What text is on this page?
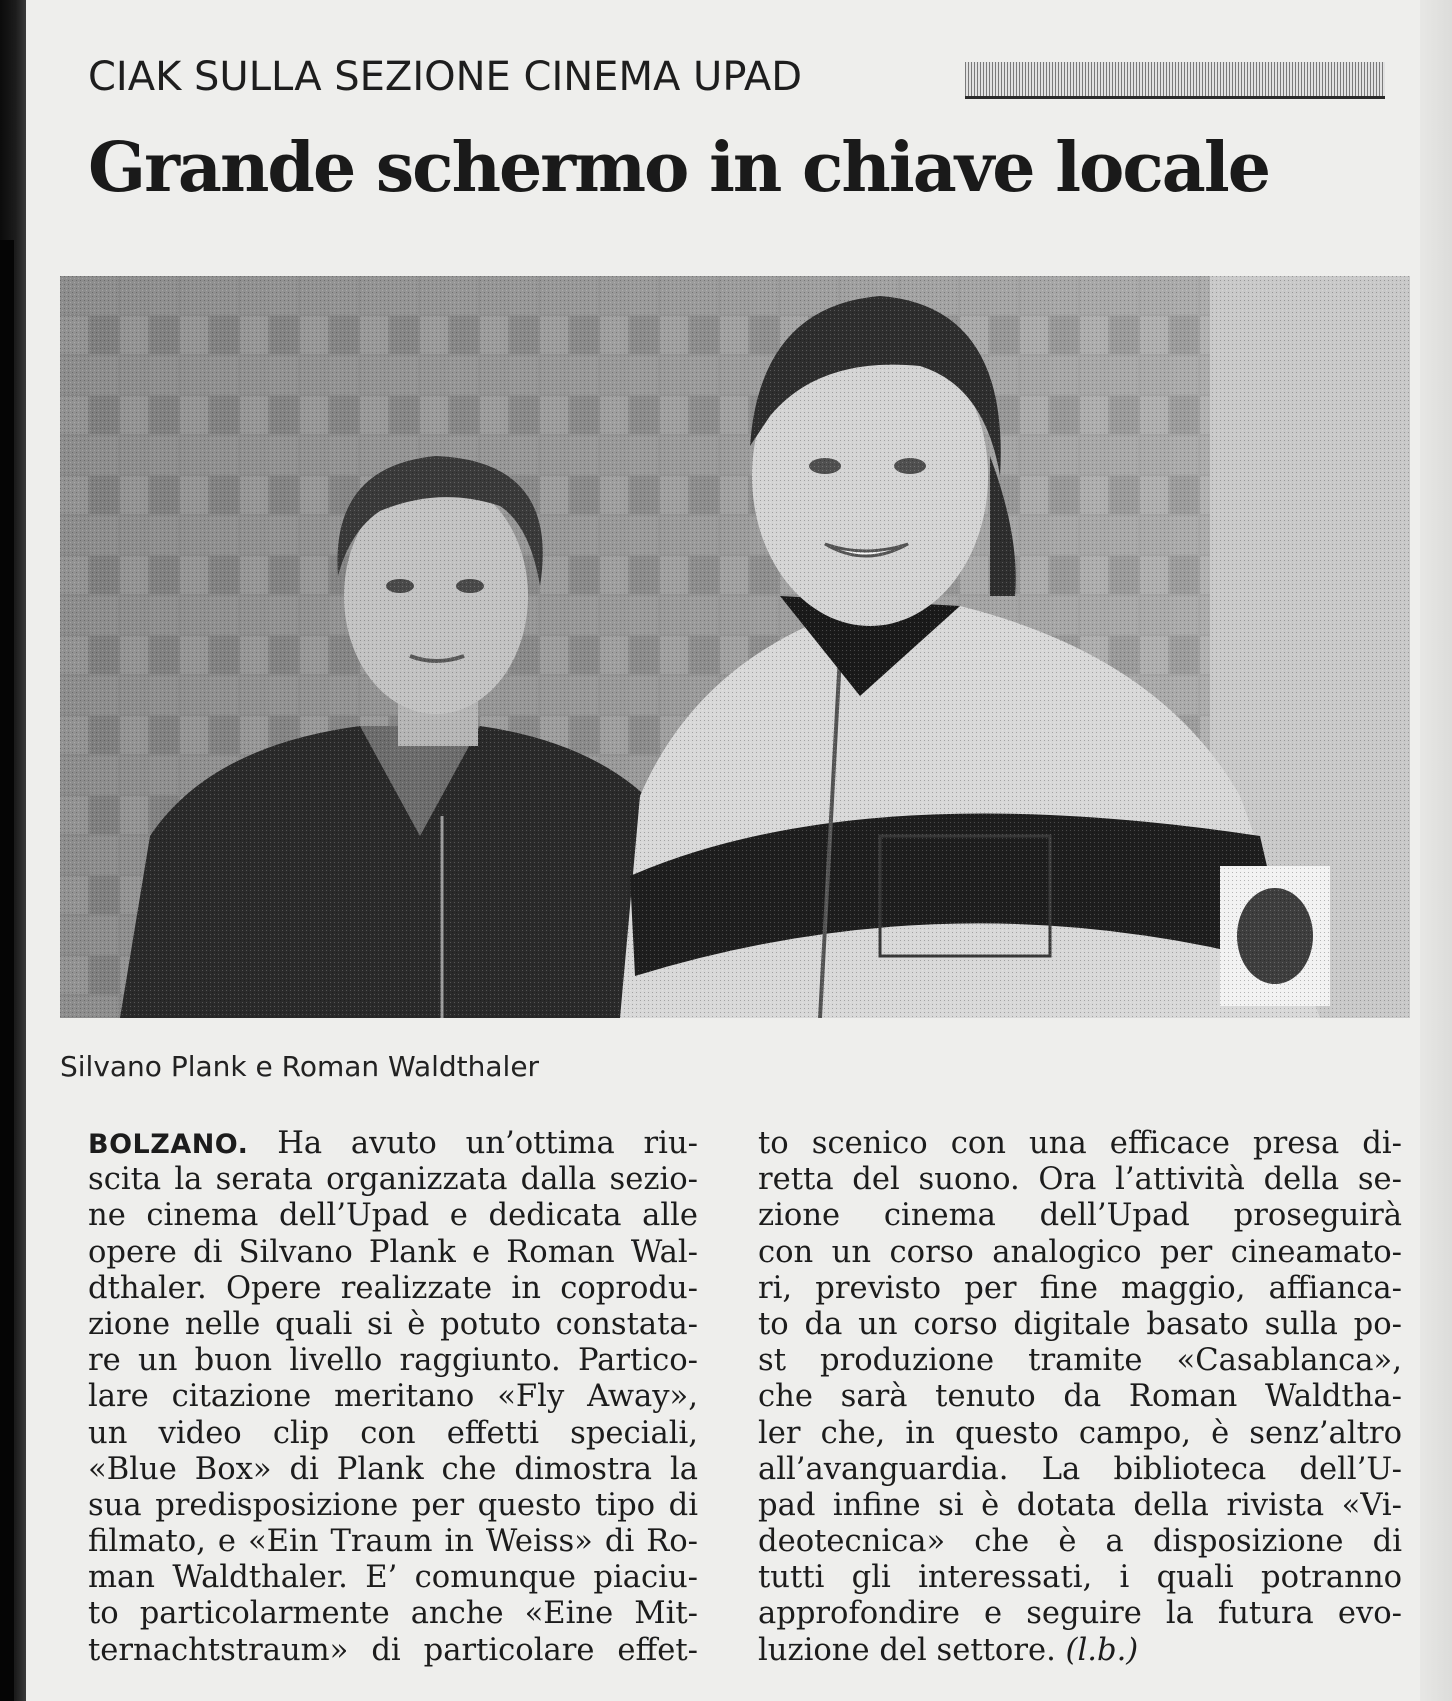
CIAK SULLA SEZIONE CINEMA UPAD
Grande schermo in chiave locale
Silvano Plank e Roman Waldthaler
BOLZANO. Ha avuto un’ottima riu-
scita la serata organizzata dalla sezio-
ne cinema dell’Upad e dedicata alle
opere di Silvano Plank e Roman Wal-
dthaler. Opere realizzate in coprodu-
zione nelle quali si è potuto constata-
re un buon livello raggiunto. Partico-
lare citazione meritano «Fly Away»,
un video clip con effetti speciali,
«Blue Box» di Plank che dimostra la
sua predisposizione per questo tipo di
filmato, e «Ein Traum in Weiss» di Ro-
man Waldthaler. E’ comunque piaciu-
to particolarmente anche «Eine Mit-
ternachtstraum» di particolare effet-
to scenico con una efficace presa di-
retta del suono. Ora l’attività della se-
zione cinema dell’Upad proseguirà
con un corso analogico per cineamato-
ri, previsto per fine maggio, affianca-
to da un corso digitale basato sulla po-
st produzione tramite «Casablanca»,
che sarà tenuto da Roman Waldtha-
ler che, in questo campo, è senz’altro
all’avanguardia. La biblioteca dell’U-
pad infine si è dotata della rivista «Vi-
deotecnica» che è a disposizione di
tutti gli interessati, i quali potranno
approfondire e seguire la futura evo-
luzione del settore. (l.b.)
